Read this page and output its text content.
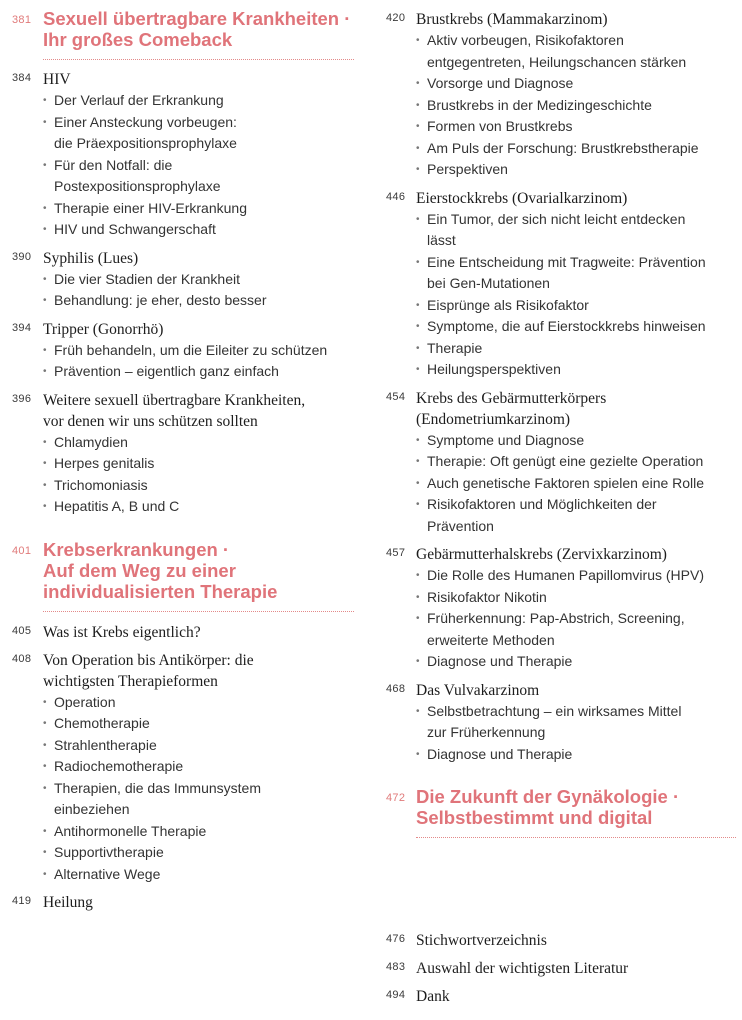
381 Sexuell übertragbare Krankheiten ·
Ihr großes Comeback
384 HIV
• Der Verlauf der Erkrankung
• Einer Ansteckung vorbeugen:
die Präexpositionsprophylaxe
• Für den Notfall: die
Postexpositionsprophylaxe
• Therapie einer HIV-Erkrankung
• HIV und Schwangerschaft
390 Syphilis (Lues)
• Die vier Stadien der Krankheit
• Behandlung: je eher, desto besser
394 Tripper (Gonorrhö)
• Früh behandeln, um die Eileiter zu schützen
• Prävention – eigentlich ganz einfach
396 Weitere sexuell übertragbare Krankheiten,
vor denen wir uns schützen sollten
• Chlamydien
• Herpes genitalis
• Trichomoniasis
• Hepatitis A, B und C
401 Krebserkrankungen ·
Auf dem Weg zu einer
individualisierten Therapie
405 Was ist Krebs eigentlich?
408 Von Operation bis Antikörper: die
wichtigsten Therapieformen
• Operation
• Chemotherapie
• Strahlentherapie
• Radiochemotherapie
• Therapien, die das Immunsystem
einbeziehen
• Antihormonelle Therapie
• Supportivtherapie
• Alternative Wege
419 Heilung
420 Brustkrebs (Mammakarzinom)
• Aktiv vorbeugen, Risikofaktoren
entgegentreten, Heilungschancen stärken
• Vorsorge und Diagnose
• Brustkrebs in der Medizingeschichte
• Formen von Brustkrebs
• Am Puls der Forschung: Brustkrebstherapie
• Perspektiven
446 Eierstockkrebs (Ovarialkarzinom)
• Ein Tumor, der sich nicht leicht entdecken
lässt
• Eine Entscheidung mit Tragweite: Prävention
bei Gen-Mutationen
• Eisprünge als Risikofaktor
• Symptome, die auf Eierstockkrebs hinweisen
• Therapie
• Heilungsperspektiven
454 Krebs des Gebärmutterkörpers
(Endometriumkarzinom)
• Symptome und Diagnose
• Therapie: Oft genügt eine gezielte Operation
• Auch genetische Faktoren spielen eine Rolle
• Risikofaktoren und Möglichkeiten der
Prävention
457 Gebärmutterhalskrebs (Zervixkarzinom)
• Die Rolle des Humanen Papillomvirus (HPV)
• Risikofaktor Nikotin
• Früherkennung: Pap-Abstrich, Screening,
erweiterte Methoden
• Diagnose und Therapie
468 Das Vulvakarzinom
• Selbstbetrachtung – ein wirksames Mittel
zur Früherkennung
• Diagnose und Therapie
472 Die Zukunft der Gynäkologie ·
Selbstbestimmt und digital
476 Stichwortverzeichnis
483 Auswahl der wichtigsten Literatur
494 Dank
